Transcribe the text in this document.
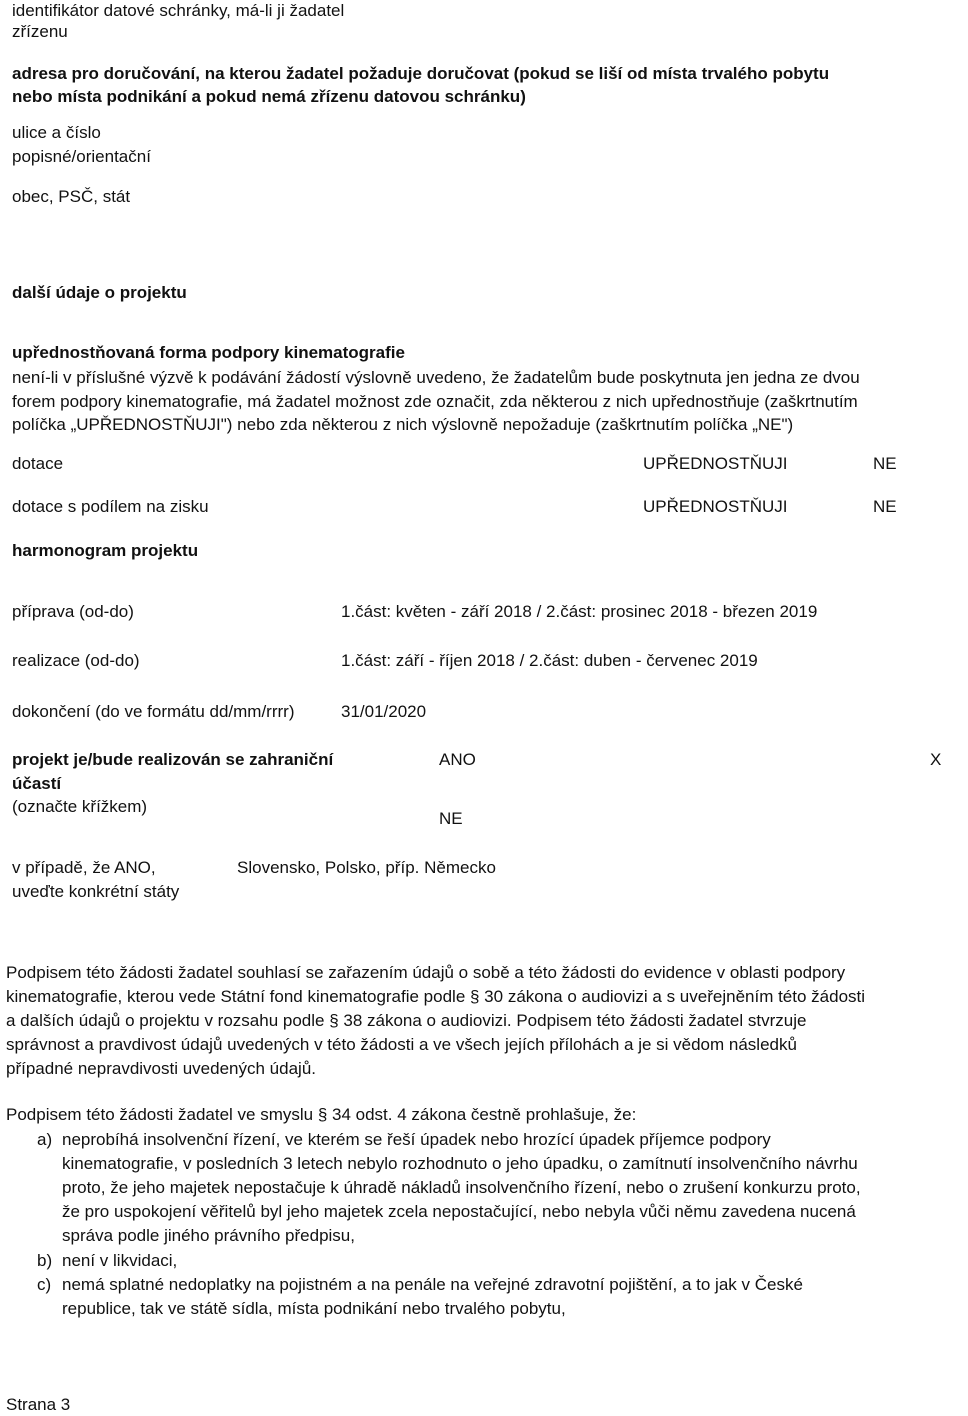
identifikátor datové schránky, má-li ji žadatel
zřízenu
adresa pro doručování, na kterou žadatel požaduje doručovat (pokud se liší od místa trvalého pobytu
nebo místa podnikání a pokud nemá zřízenu datovou schránku)
ulice a číslo
popisné/orientační
obec, PSČ, stát
další údaje o projektu
upřednostňovaná forma podpory kinematografie
není-li v příslušné výzvě k podávání žádostí výslovně uvedeno, že žadatelům bude poskytnuta jen jedna ze dvou
forem podpory kinematografie, má žadatel možnost zde označit, zda některou z nich upřednostňuje (zaškrtnutím
políčka „UPŘEDNOSTŇUJI") nebo zda některou z nich výslovně nepožaduje (zaškrtnutím políčka „NE")
dotace	UPŘEDNOSTŇUJI	NE
dotace s podílem na zisku	UPŘEDNOSTŇUJI	NE
harmonogram projektu
příprava (od-do)	1.část: květen - září 2018 / 2.část: prosinec 2018 - březen 2019
realizace (od-do)	1.část: září - říjen 2018 / 2.část: duben - červenec 2019
dokončení (do ve formátu dd/mm/rrrr)	31/01/2020
projekt je/bude realizován se zahraniční
účastí
(označte křížkem)
ANO	X
NE
v případě, že ANO,
uveďte konkrétní státy
Slovensko, Polsko, příp. Německo
Podpisem této žádosti žadatel souhlasí se zařazením údajů o sobě a této žádosti do evidence v oblasti podpory
kinematografie, kterou vede Státní fond kinematografie podle § 30 zákona o audiovizi a s uveřejněním této žádosti
a dalších údajů o projektu v rozsahu podle § 38 zákona o audiovizi. Podpisem této žádosti žadatel stvrzuje
správnost a pravdivost údajů uvedených v této žádosti a ve všech jejích přílohách a je si vědom následků
případné nepravdivosti uvedených údajů.
Podpisem této žádosti žadatel ve smyslu § 34 odst. 4 zákona čestně prohlašuje, že:
a) neprobíhá insolvenční řízení, ve kterém se řeší úpadek nebo hrozící úpadek příjemce podpory
kinematografie, v posledních 3 letech nebylo rozhodnuto o jeho úpadku, o zamítnutí insolvenčního návrhu
proto, že jeho majetek nepostačuje k úhradě nákladů insolvenčního řízení, nebo o zrušení konkurzu proto,
že pro uspokojení věřitelů byl jeho majetek zcela nepostačující, nebo nebyla vůči němu zavedena nucená
správa podle jiného právního předpisu,
b) není v likvidaci,
c) nemá splatné nedoplatky na pojistném a na penále na veřejné zdravotní pojištění, a to jak v České
republice, tak ve státě sídla, místa podnikání nebo trvalého pobytu,
Strana 3
